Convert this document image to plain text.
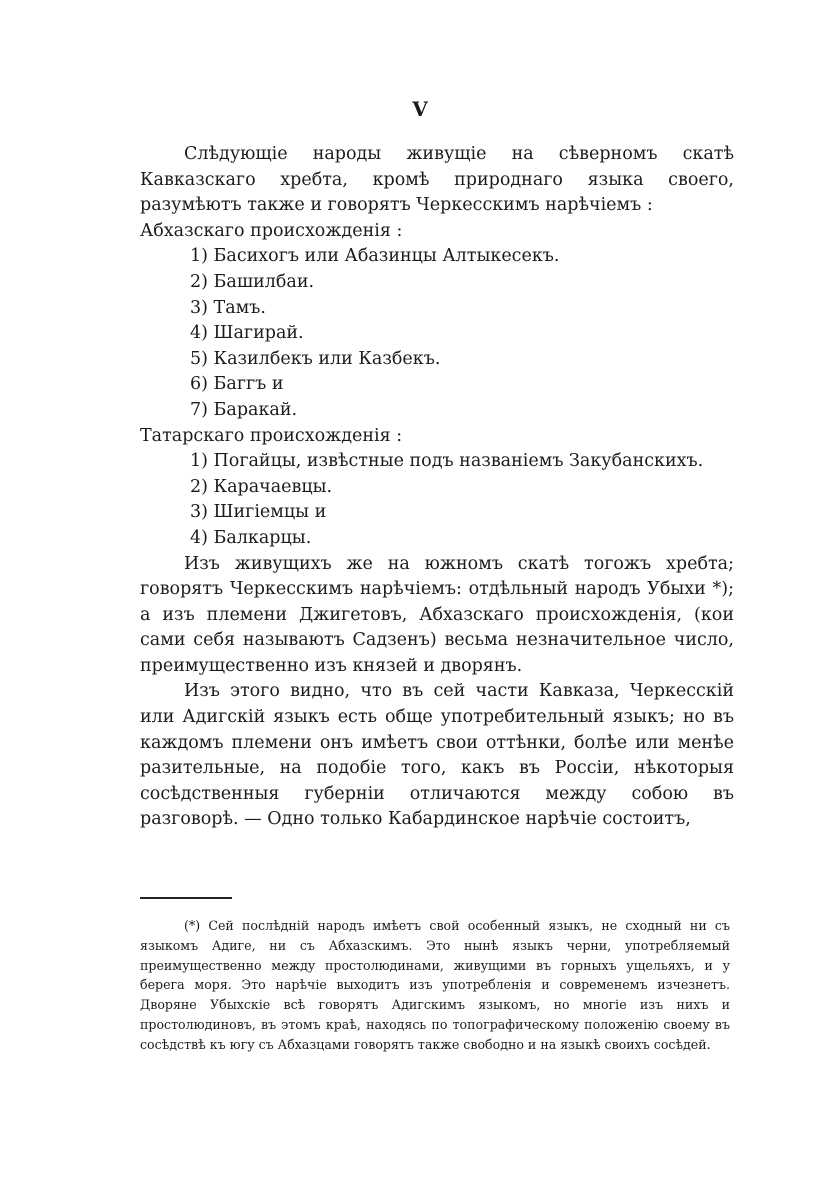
V

Слѣдующіе народы живущіе на сѣверномъ скатѣ Кавказскаго хребта, кромѣ природнаго языка своего, разумѣютъ также и говорятъ Черкесскимъ нарѣчіемъ :

Абхазскаго происхожденія :

1) Басихогъ или Абазинцы Алтыкесекъ.
2) Башилбаи.
3) Тамъ.
4) Шагирай.
5) Казилбекъ или Казбекъ.
6) Баггъ и
7) Баракай.

Татарскаго происхожденія :

1) Погайцы, извѣстные подъ названіемъ Закубанскихъ.
2) Карачаевцы.
3) Шигіемцы и
4) Балкарцы.

Изъ живущихъ же на южномъ скатѣ тогожъ хребта; говорятъ Черкесскимъ нарѣчіемъ: отдѣльный народъ Убыхи *); а изъ племени Джигетовъ, Абхазскаго происхожденія, (кои сами себя называютъ Садзенъ) весьма незначительное число, преимущественно изъ князей и дворянъ.

Изъ этого видно, что въ сей части Кавказа, Черкесскій или Адигскій языкъ есть обще употребительный языкъ; но въ каждомъ племени онъ имѣетъ свои оттѣнки, болѣе или менѣе разительные, на подобіе того, какъ въ Россіи, нѣкоторыя сосѣдственныя губерніи отличаются между собою въ разговорѣ. — Одно только Кабардинское нарѣчіе состоитъ,

(*) Сей послѣдній народъ имѣетъ свой особенный языкъ, не сходный ни съ языкомъ Адиге, ни съ Абхазскимъ. Это нынѣ языкъ черни, употребляемый преимущественно между простолюдинами, живущими въ горныхъ ущельяхъ, и у берега моря. Это нарѣчіе выходитъ изъ употребленія и современемъ изчезнетъ. Дворяне Убыхскіе всѣ говорятъ Адигскимъ языкомъ, но многіе изъ нихъ и простолюдиновъ, въ этомъ краѣ, находясь по топографическому положенію своему въ сосѣдствѣ къ югу съ Абхазцами говорятъ также свободно и на языкѣ своихъ сосѣдей.
